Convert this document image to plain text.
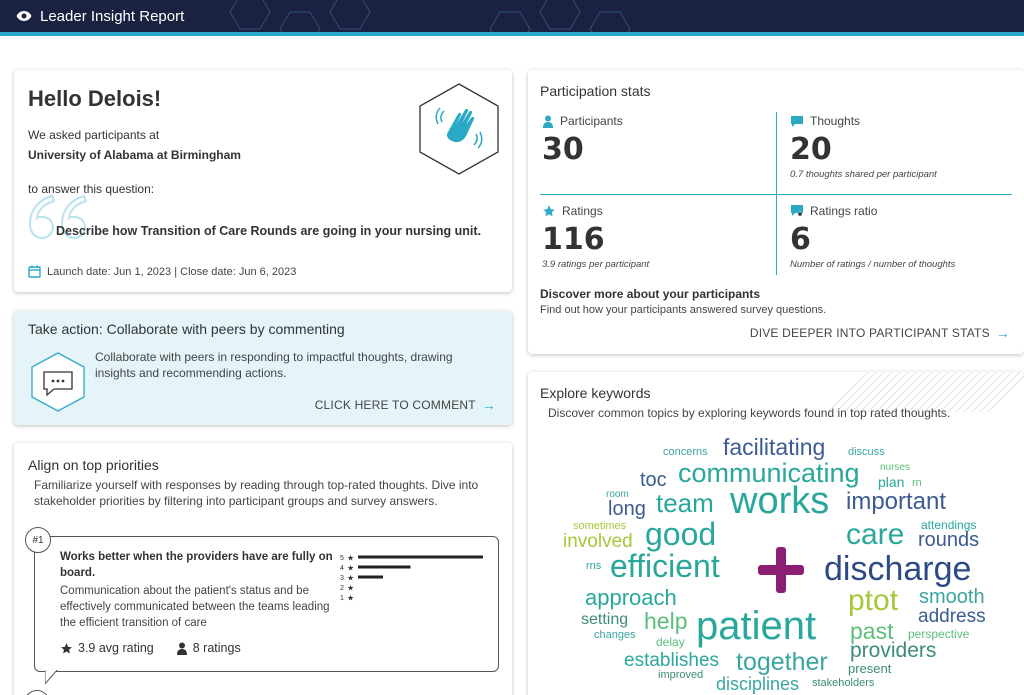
Leader Insight Report
Hello Delois!
We asked participants at
University of Alabama at Birmingham
to answer this question:
Describe how Transition of Care Rounds are going in your nursing unit.
Launch date: Jun 1, 2023 | Close date: Jun 6, 2023
Take action: Collaborate with peers by commenting
Collaborate with peers in responding to impactful thoughts, drawing insights and recommending actions.
CLICK HERE TO COMMENT →
Align on top priorities
Familiarize yourself with responses by reading through top-rated thoughts. Dive into stakeholder priorities by filtering into participant groups and survey answers.
#1
Works better when the providers have are fully on board.
Communication about the patient's status and be effectively communicated between the teams leading the efficient transition of care
5 ★
4 ★
3 ★
2 ★
1 ★
3.9 avg rating	8 ratings
Participation stats
Participants
30
Thoughts
20
0.7 thoughts shared per participant
Ratings
116
3.9 ratings per participant
Ratings ratio
6
Number of ratings / number of thoughts
Discover more about your participants
Find out how your participants answered survey questions.
DIVE DEEPER INTO PARTICIPANT STATS →
Explore keywords
Discover common topics by exploring keywords found in top rated thoughts.
concerns facilitating discuss
communicating nurses
toc	plan rn
room team works important
long
sometimes good	care attendings
involved	rounds
rns efficient	discharge
approach	ptot smooth
setting help patient	address
changes	past perspective
delay	providers
establishes together present
improved disciplines stakeholders
